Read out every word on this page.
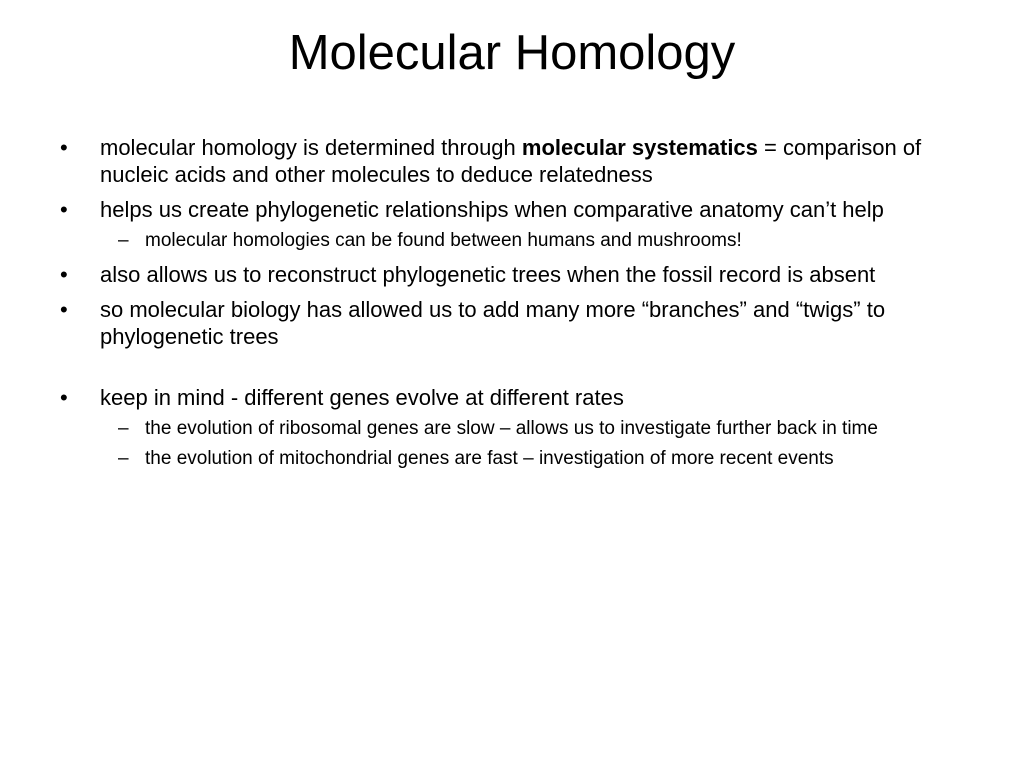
Molecular Homology
• molecular homology is determined through molecular systematics = comparison of nucleic acids and other molecules to deduce relatedness
• helps us create phylogenetic relationships when comparative anatomy can’t help
– molecular homologies can be found between humans and mushrooms!
• also allows us to reconstruct phylogenetic trees when the fossil record is absent
• so molecular biology has allowed us to add many more “branches” and “twigs” to phylogenetic trees
• keep in mind - different genes evolve at different rates
– the evolution of ribosomal genes are slow – allows us to investigate further back in time
– the evolution of mitochondrial genes are fast – investigation of more recent events
